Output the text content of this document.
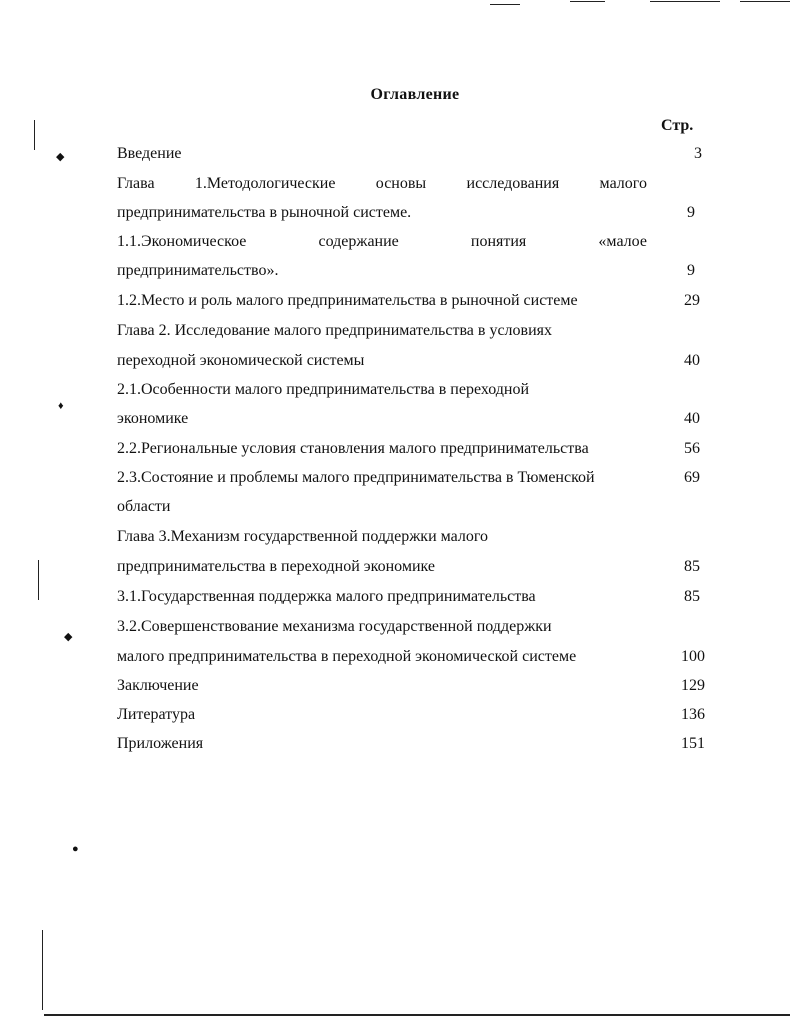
◆
♦
◆
●
Оглавление
Стр.
Введение	3
Глава	1.Методологические	основы	исследования	малого
предпринимательства в рыночной системе.	9
1.1.Экономическое	содержание	понятия	«малое
предпринимательство».	9
1.2.Место и роль малого предпринимательства в рыночной системе	29
Глава 2. Исследование малого предпринимательства в условиях
переходной экономической системы	40
2.1.Особенности малого предпринимательства в переходной
экономике	40
2.2.Региональные условия становления малого предпринимательства	56
2.3.Состояние и проблемы малого предпринимательства в Тюменской	69
области
Глава 3.Механизм государственной поддержки малого
предпринимательства в переходной экономике	85
3.1.Государственная поддержка малого предпринимательства	85
3.2.Совершенствование механизма государственной поддержки
малого предпринимательства в переходной экономической системе	100
Заключение	129
Литература	136
Приложения	151
